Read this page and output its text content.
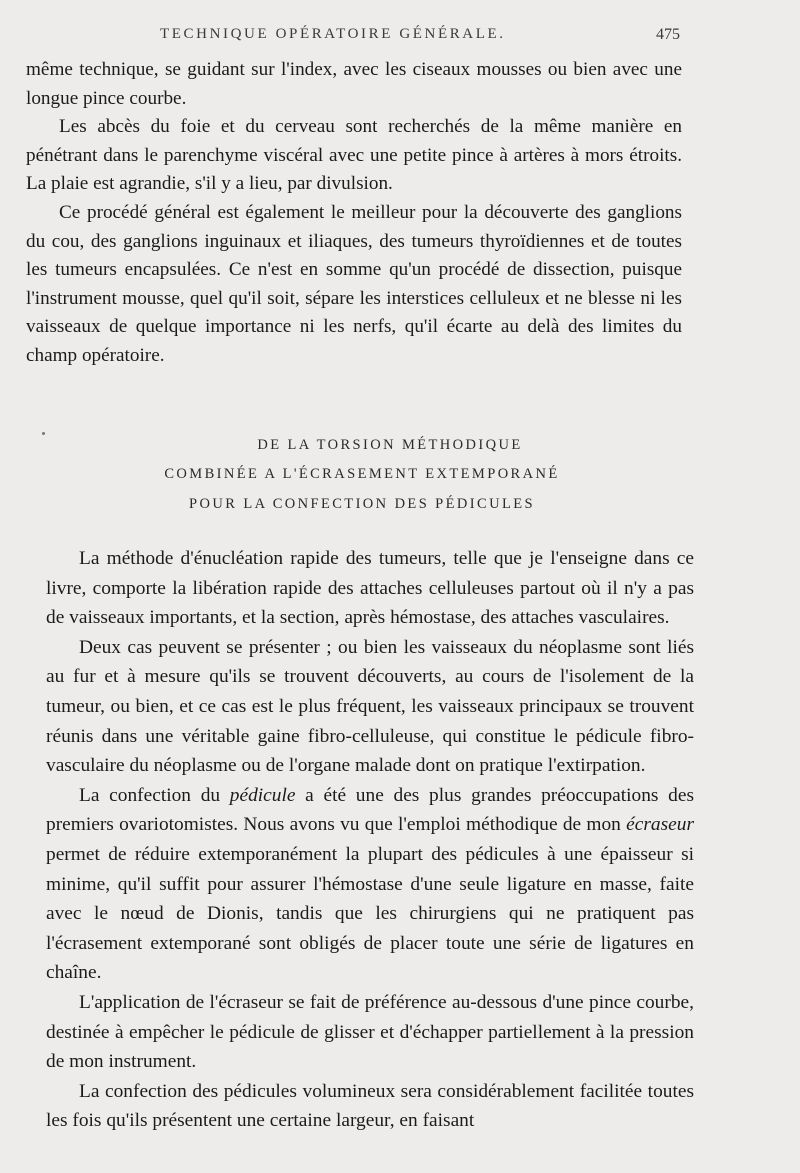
TECHNIQUE OPÉRATOIRE GÉNÉRALE.	475

même technique, se guidant sur l'index, avec les ciseaux mousses ou bien avec une longue pince courbe.

Les abcès du foie et du cerveau sont recherchés de la même manière en pénétrant dans le parenchyme viscéral avec une petite pince à artères à mors étroits. La plaie est agrandie, s'il y a lieu, par divulsion.

Ce procédé général est également le meilleur pour la découverte des ganglions du cou, des ganglions inguinaux et iliaques, des tumeurs thyroïdiennes et de toutes les tumeurs encapsulées. Ce n'est en somme qu'un procédé de dissection, puisque l'instrument mousse, quel qu'il soit, sépare les interstices celluleux et ne blesse ni les vaisseaux de quelque importance ni les nerfs, qu'il écarte au delà des limites du champ opératoire.

DE LA TORSION MÉTHODIQUE
COMBINÉE A L'ÉCRASEMENT EXTEMPORANÉ
POUR LA CONFECTION DES PÉDICULES

La méthode d'énucléation rapide des tumeurs, telle que je l'enseigne dans ce livre, comporte la libération rapide des attaches celluleuses partout où il n'y a pas de vaisseaux importants, et la section, après hémostase, des attaches vasculaires.

Deux cas peuvent se présenter ; ou bien les vaisseaux du néoplasme sont liés au fur et à mesure qu'ils se trouvent découverts, au cours de l'isolement de la tumeur, ou bien, et ce cas est le plus fréquent, les vaisseaux principaux se trouvent réunis dans une véritable gaine fibro-celluleuse, qui constitue le pédicule fibro-vasculaire du néoplasme ou de l'organe malade dont on pratique l'extirpation.

La confection du pédicule a été une des plus grandes préoccupations des premiers ovariotomistes. Nous avons vu que l'emploi méthodique de mon écraseur permet de réduire extemporanément la plupart des pédicules à une épaisseur si minime, qu'il suffit pour assurer l'hémostase d'une seule ligature en masse, faite avec le nœud de Dionis, tandis que les chirurgiens qui ne pratiquent pas l'écrasement extemporané sont obligés de placer toute une série de ligatures en chaîne.

L'application de l'écraseur se fait de préférence au-dessous d'une pince courbe, destinée à empêcher le pédicule de glisser et d'échapper partiellement à la pression de mon instrument.

La confection des pédicules volumineux sera considérablement facilitée toutes les fois qu'ils présentent une certaine largeur, en faisant
